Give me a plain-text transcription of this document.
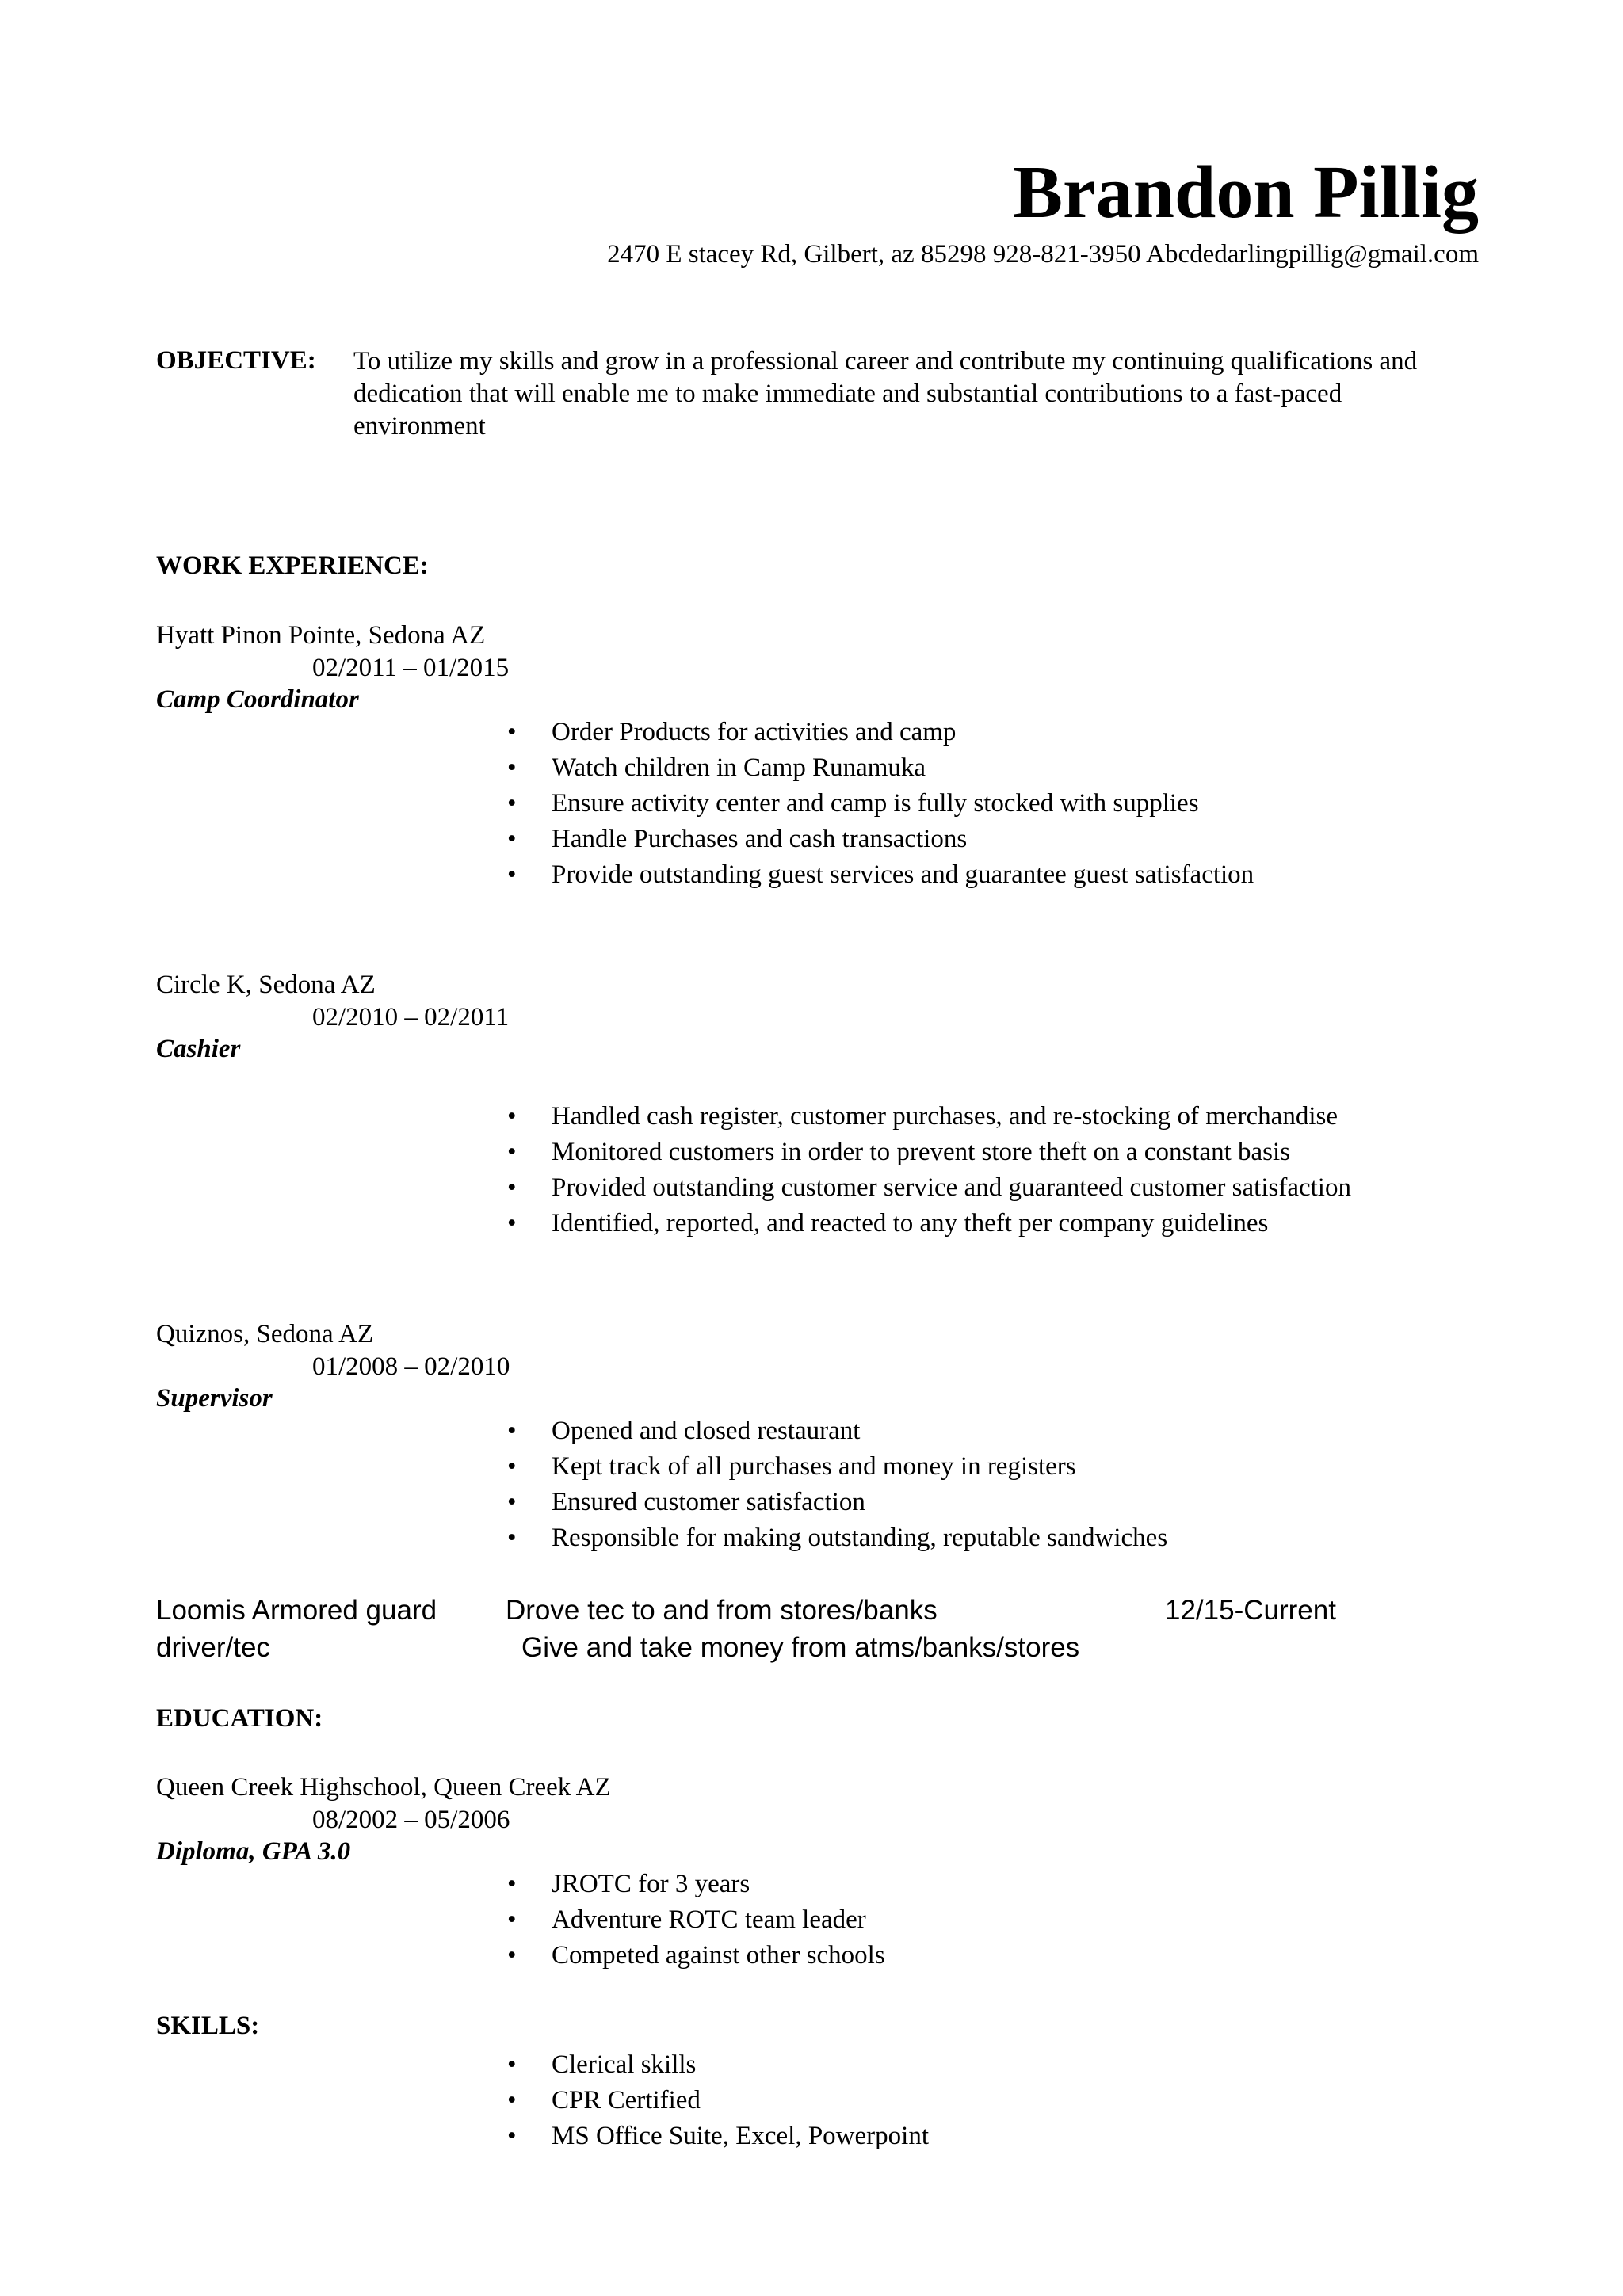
Brandon Pillig
2470 E stacey Rd, Gilbert, az 85298 928-821-3950 Abcdedarlingpillig@gmail.com
OBJECTIVE: To utilize my skills and grow in a professional career and contribute my continuing qualifications and
dedication that will enable me to make immediate and substantial contributions to a fast-paced
environment
WORK EXPERIENCE:
Hyatt Pinon Pointe, Sedona AZ
02/2011 – 01/2015
Camp Coordinator
• Order Products for activities and camp
• Watch children in Camp Runamuka
• Ensure activity center and camp is fully stocked with supplies
• Handle Purchases and cash transactions
• Provide outstanding guest services and guarantee guest satisfaction
Circle K, Sedona AZ
02/2010 – 02/2011
Cashier
• Handled cash register, customer purchases, and re-stocking of merchandise
• Monitored customers in order to prevent store theft on a constant basis
• Provided outstanding customer service and guaranteed customer satisfaction
• Identified, reported, and reacted to any theft per company guidelines
Quiznos, Sedona AZ
01/2008 – 02/2010
Supervisor
• Opened and closed restaurant
• Kept track of all purchases and money in registers
• Ensured customer satisfaction
• Responsible for making outstanding, reputable sandwiches
Loomis Armored guard
driver/tec
Drove tec to and from stores/banks
Give and take money from atms/banks/stores
12/15-Current
EDUCATION:
Queen Creek Highschool, Queen Creek AZ
08/2002 – 05/2006
Diploma, GPA 3.0
• JROTC for 3 years
• Adventure ROTC team leader
• Competed against other schools
SKILLS:
• Clerical skills
• CPR Certified
• MS Office Suite, Excel, Powerpoint
